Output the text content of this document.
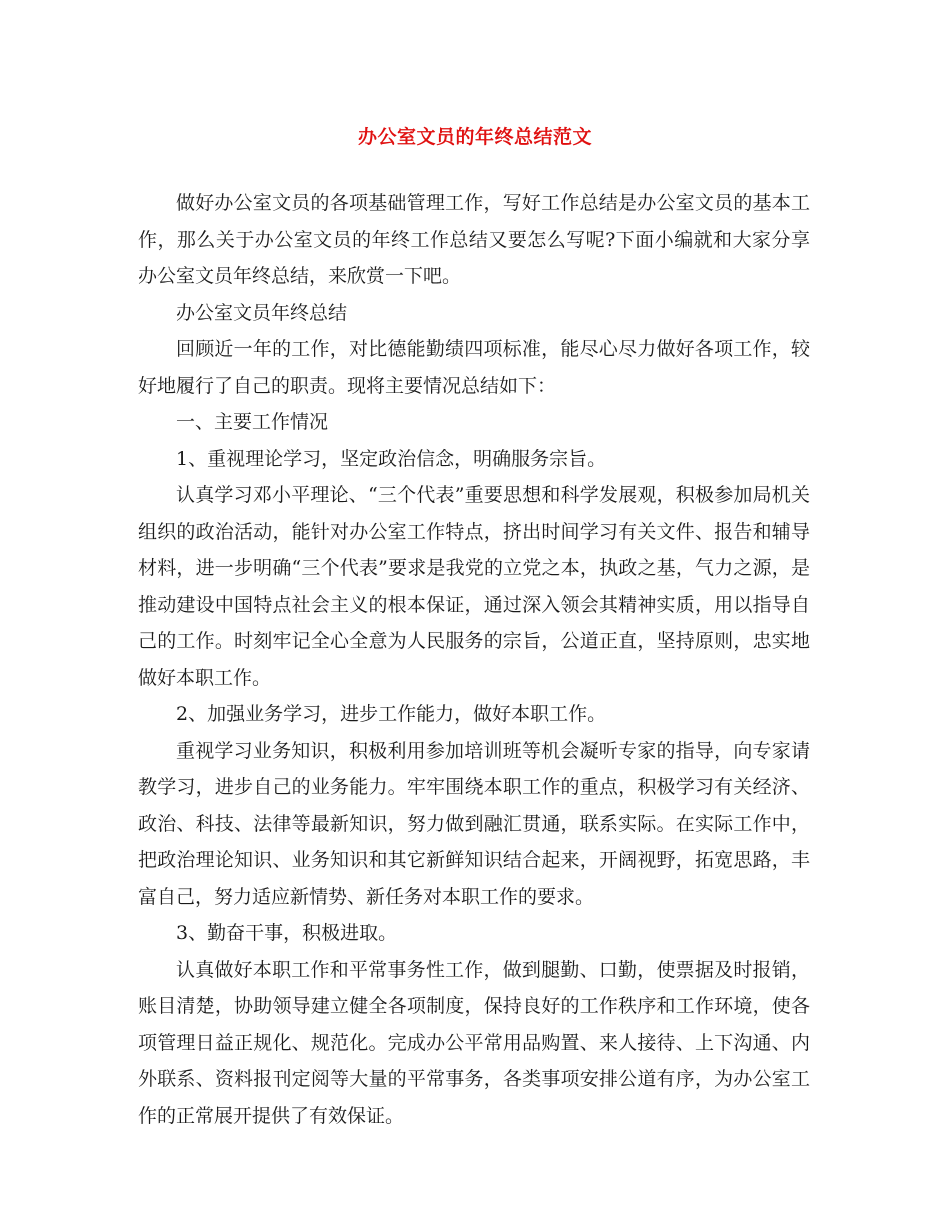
办公室文员的年终总结范文

做好办公室文员的各项基础管理工作，写好工作总结是办公室文员的基本工作，那么关于办公室文员的年终工作总结又要怎么写呢?下面小编就和大家分享办公室文员年终总结，来欣赏一下吧。

办公室文员年终总结

回顾近一年的工作，对比德能勤绩四项标准，能尽心尽力做好各项工作，较好地履行了自己的职责。现将主要情况总结如下：

一、主要工作情况

1、重视理论学习，坚定政治信念，明确服务宗旨。

认真学习邓小平理论、“三个代表”重要思想和科学发展观，积极参加局机关组织的政治活动，能针对办公室工作特点，挤出时间学习有关文件、报告和辅导材料，进一步明确“三个代表”要求是我党的立党之本，执政之基，气力之源，是推动建设中国特点社会主义的根本保证，通过深入领会其精神实质，用以指导自己的工作。时刻牢记全心全意为人民服务的宗旨，公道正直，坚持原则，忠实地做好本职工作。

2、加强业务学习，进步工作能力，做好本职工作。

重视学习业务知识，积极利用参加培训班等机会凝听专家的指导，向专家请教学习，进步自己的业务能力。牢牢围绕本职工作的重点，积极学习有关经济、政治、科技、法律等最新知识，努力做到融汇贯通，联系实际。在实际工作中，把政治理论知识、业务知识和其它新鲜知识结合起来，开阔视野，拓宽思路，丰富自己，努力适应新情势、新任务对本职工作的要求。

3、勤奋干事，积极进取。

认真做好本职工作和平常事务性工作，做到腿勤、口勤，使票据及时报销，账目清楚，协助领导建立健全各项制度，保持良好的工作秩序和工作环境，使各项管理日益正规化、规范化。完成办公平常用品购置、来人接待、上下沟通、内外联系、资料报刊定阅等大量的平常事务，各类事项安排公道有序，为办公室工作的正常展开提供了有效保证。
